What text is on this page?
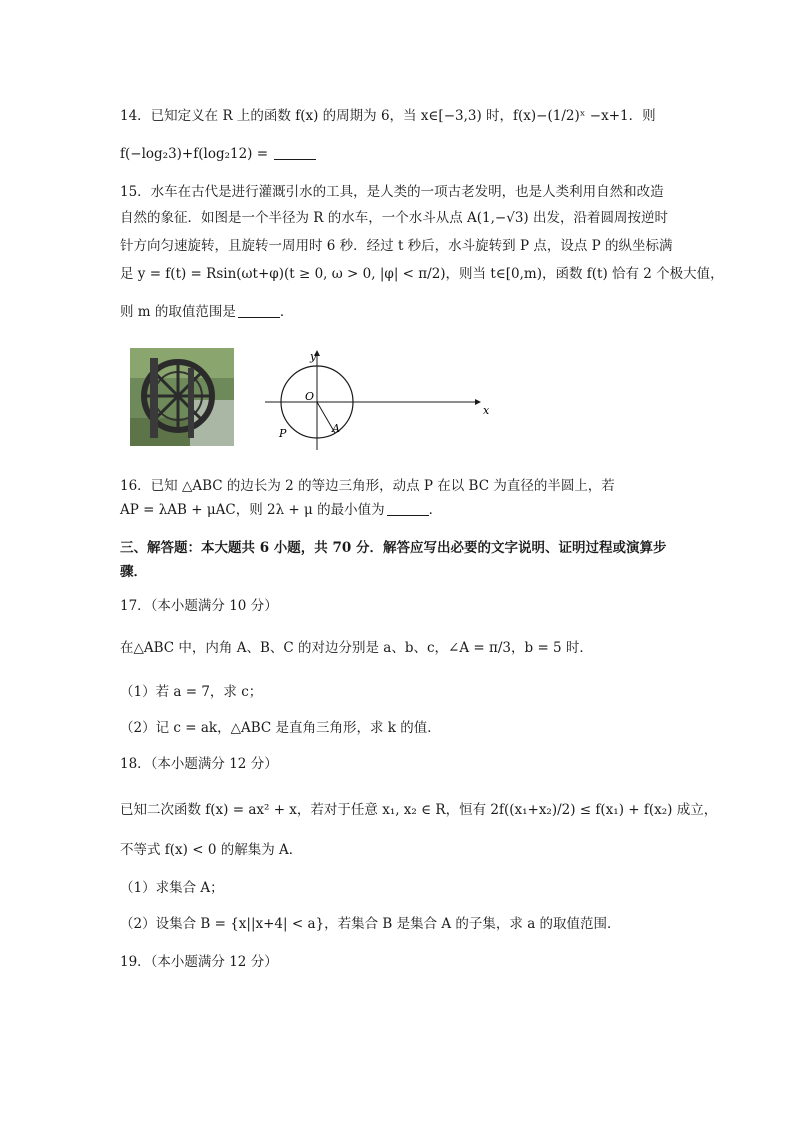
14．已知定义在 R 上的函数 f(x) 的周期为 6，当 x∈[−3,3) 时，f(x)−(1/2)ˣ −x+1．则
f(−log₂3)+f(log₂12) =
15．水车在古代是进行灌溉引水的工具，是人类的一项古老发明，也是人类利用自然和改造
自然的象征．如图是一个半径为 R 的水车，一个水斗从点 A(1,−√3) 出发，沿着圆周按逆时
针方向匀速旋转，且旋转一周用时 6 秒．经过 t 秒后，水斗旋转到 P 点，设点 P 的纵坐标满
足 y = f(t) = Rsin(ωt+φ)(t ≥ 0, ω > 0, |φ| < π/2)，则当 t∈[0,m)，函数 f(t) 恰有 2 个极大值，
则 m 的取值范围是	．
y
x
O
P	A
16．已知 △ABC 的边长为 2 的等边三角形，动点 P 在以 BC 为直径的半圆上，若
AP = λAB + μAC，则 2λ + μ 的最小值为	．
三、解答题：本大题共 6 小题，共 70 分．解答应写出必要的文字说明、证明过程或演算步
骤．
17．（本小题满分 10 分）
在△ABC 中，内角 A、B、C 的对边分别是 a、b、c，∠A = π/3，b = 5 时．
（1）若 a = 7，求 c；
（2）记 c = ak，△ABC 是直角三角形，求 k 的值．
18．（本小题满分 12 分）
已知二次函数 f(x) = ax² + x，若对于任意 x₁, x₂ ∈ R，恒有 2f((x₁+x₂)/2) ≤ f(x₁) + f(x₂) 成立，
不等式 f(x) < 0 的解集为 A．
（1）求集合 A；
（2）设集合 B = {x||x+4| < a}，若集合 B 是集合 A 的子集，求 a 的取值范围．
19．（本小题满分 12 分）
